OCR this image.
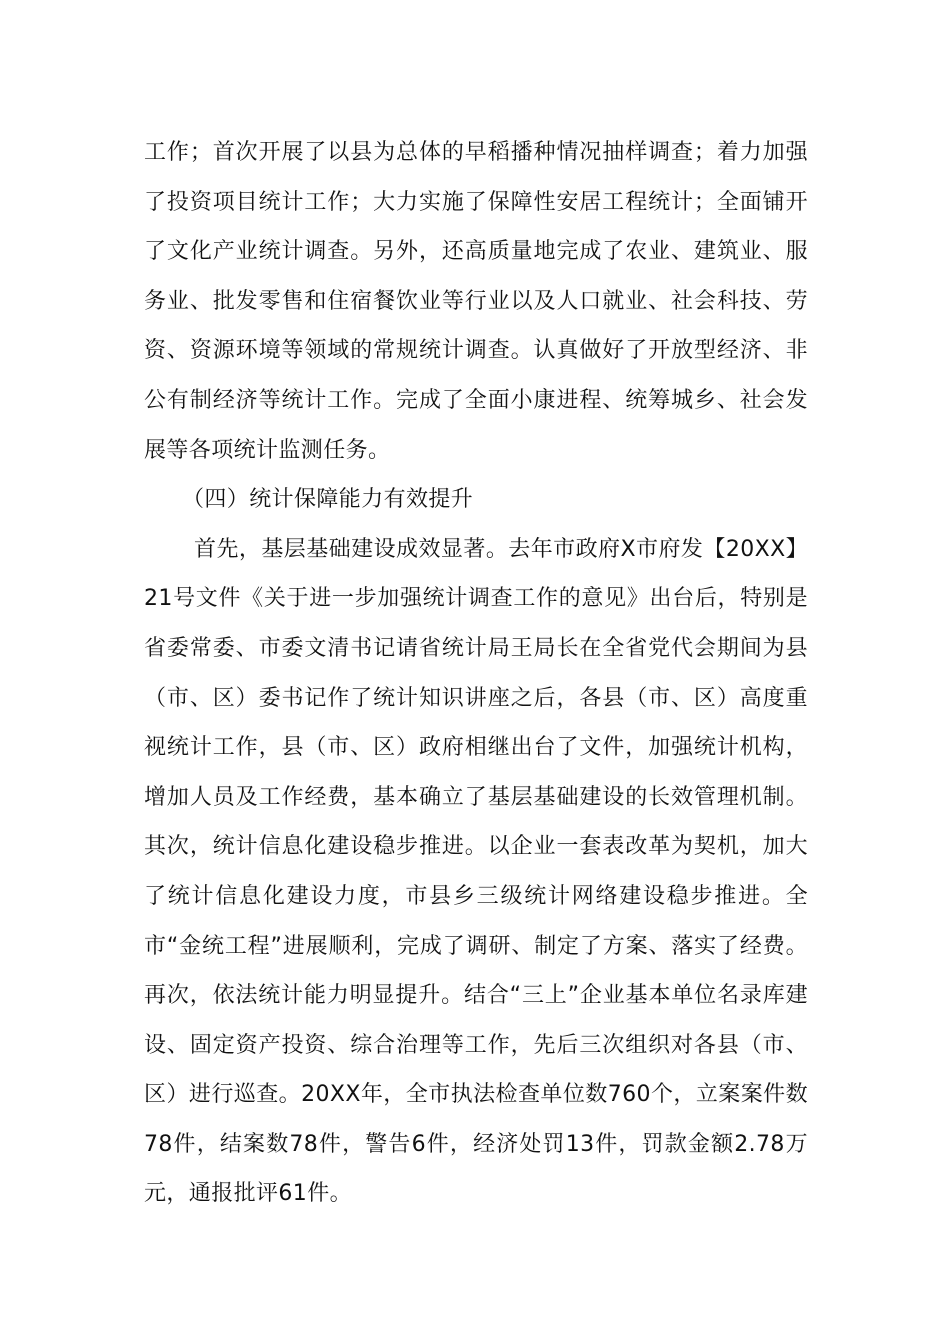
工作；首次开展了以县为总体的早稻播种情况抽样调查；着力加强了投资项目统计工作；大力实施了保障性安居工程统计；全面铺开了文化产业统计调查。另外，还高质量地完成了农业、建筑业、服务业、批发零售和住宿餐饮业等行业以及人口就业、社会科技、劳资、资源环境等领域的常规统计调查。认真做好了开放型经济、非公有制经济等统计工作。完成了全面小康进程、统筹城乡、社会发展等各项统计监测任务。

（四）统计保障能力有效提升

首先，基层基础建设成效显著。去年市政府X市府发【20XX】21号文件《关于进一步加强统计调查工作的意见》出台后，特别是省委常委、市委文清书记请省统计局王局长在全省党代会期间为县（市、区）委书记作了统计知识讲座之后，各县（市、区）高度重视统计工作，县（市、区）政府相继出台了文件，加强统计机构，增加人员及工作经费，基本确立了基层基础建设的长效管理机制。其次，统计信息化建设稳步推进。以企业一套表改革为契机，加大了统计信息化建设力度，市县乡三级统计网络建设稳步推进。全市“金统工程”进展顺利，完成了调研、制定了方案、落实了经费。再次，依法统计能力明显提升。结合“三上”企业基本单位名录库建设、固定资产投资、综合治理等工作，先后三次组织对各县（市、区）进行巡查。20XX年，全市执法检查单位数760个，立案案件数78件，结案数78件，警告6件，经济处罚13件，罚款金额2.78万元，通报批评61件。
